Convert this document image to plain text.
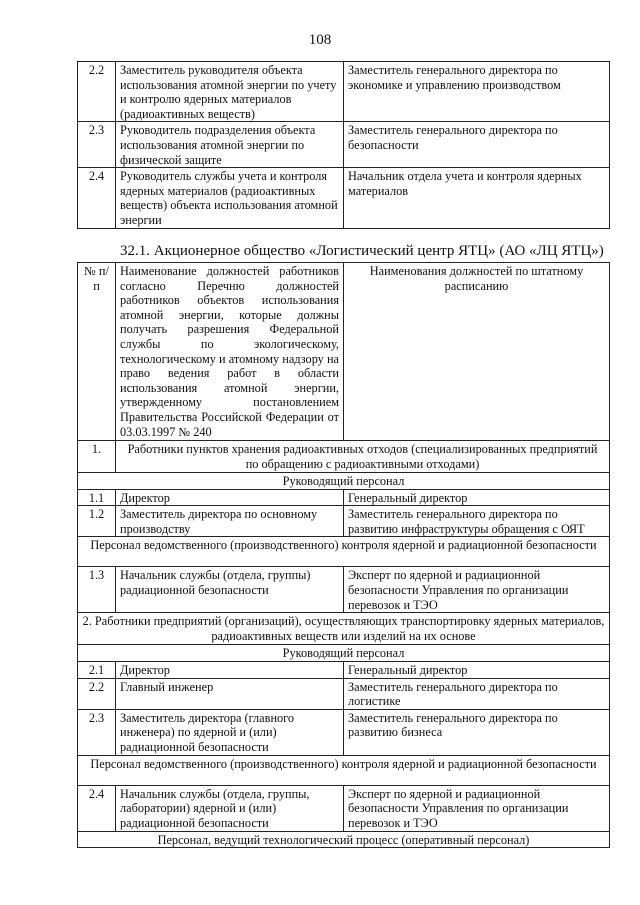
108
2.2	Заместитель руководителя объекта использования атомной энергии по учету и контролю ядерных материалов (радиоактивных веществ)	Заместитель генерального директора по экономике и управлению производством
2.3	Руководитель подразделения объекта использования атомной энергии по физической защите	Заместитель генерального директора по безопасности
2.4	Руководитель службы учета и контроля ядерных материалов (радиоактивных веществ) объекта использования атомной энергии	Начальник отдела учета и контроля ядерных материалов
32.1. Акционерное общество «Логистический центр ЯТЦ» (АО «ЛЦ ЯТЦ»)
№ п/п	Наименование должностей работников согласно Перечню должностей работников объектов использования атомной энергии, которые должны получать разрешения Федеральной службы по экологическому, технологическому и атомному надзору на право ведения работ в области использования атомной энергии, утвержденному постановлением Правительства Российской Федерации от 03.03.1997 № 240	Наименования должностей по штатному расписанию
1.	Работники пунктов хранения радиоактивных отходов (специализированных предприятий по обращению с радиоактивными отходами)	
Руководящий персонал		
1.1	Директор	Генеральный директор
1.2	Заместитель директора по основному производству	Заместитель генерального директора по развитию инфраструктуры обращения с ОЯТ
Персонал ведомственного (производственного) контроля ядерной и радиационной безопасности		
1.3	Начальник службы (отдела, группы) радиационной безопасности	Эксперт по ядерной и радиационной безопасности Управления по организации перевозок и ТЭО
2. Работники предприятий (организаций), осуществляющих транспортировку ядерных материалов, радиоактивных веществ или изделий на их основе		
Руководящий персонал		
2.1	Директор	Генеральный директор
2.2	Главный инженер	Заместитель генерального директора по логистике
2.3	Заместитель директора (главного инженера) по ядерной и (или) радиационной безопасности	Заместитель генерального директора по развитию бизнеса
Персонал ведомственного (производственного) контроля ядерной и радиационной безопасности		
2.4	Начальник службы (отдела, группы, лаборатории) ядерной и (или) радиационной безопасности	Эксперт по ядерной и радиационной безопасности Управления по организации перевозок и ТЭО
Персонал, ведущий технологический процесс (оперативный персонал)		
